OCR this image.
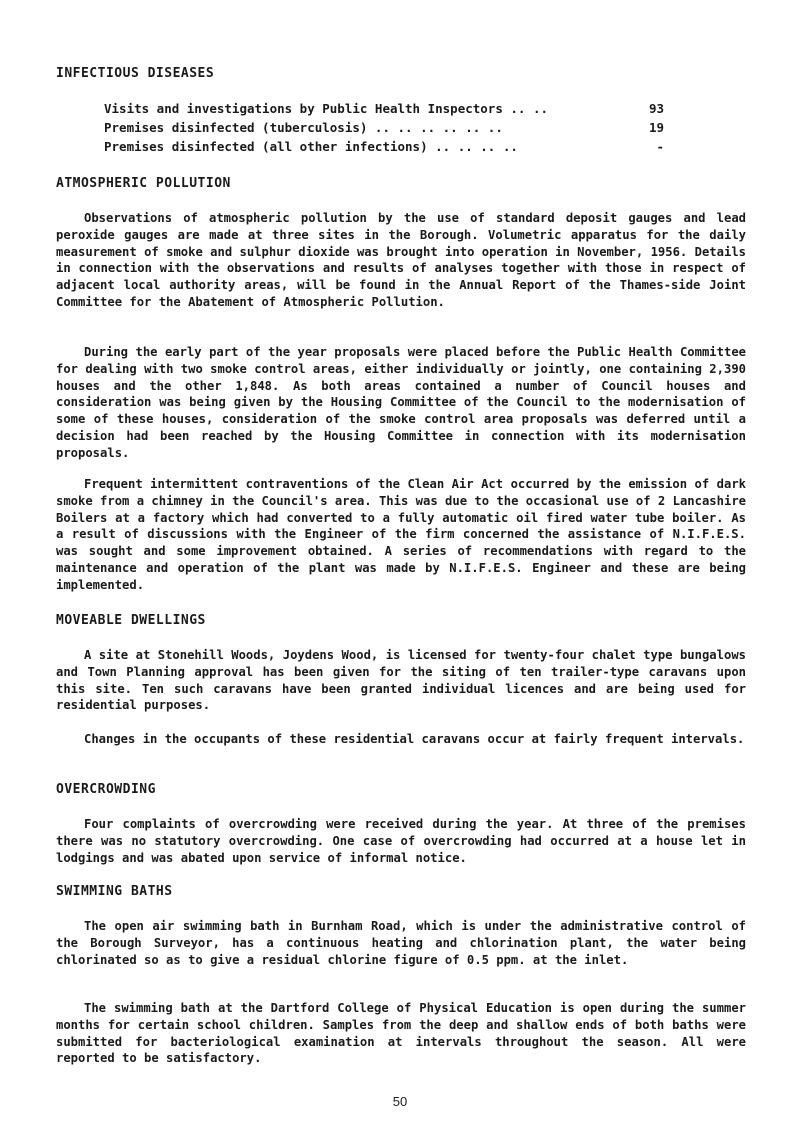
INFECTIOUS DISEASES
Visits and investigations by Public Health Inspectors .. ..	93
Premises disinfected (tuberculosis) .. .. .. .. .. ..	19
Premises disinfected (all other infections) .. .. .. ..	-
ATMOSPHERIC POLLUTION

Observations of atmospheric pollution by the use of standard deposit gauges and lead peroxide gauges are made at three sites in the Borough. Volumetric apparatus for the daily measurement of smoke and sulphur dioxide was brought into operation in November, 1956. Details in connection with the observations and results of analyses together with those in respect of adjacent local authority areas, will be found in the Annual Report of the Thames-side Joint Committee for the Abatement of Atmospheric Pollution.

During the early part of the year proposals were placed before the Public Health Committee for dealing with two smoke control areas, either individually or jointly, one containing 2,390 houses and the other 1,848. As both areas contained a number of Council houses and consideration was being given by the Housing Committee of the Council to the modernisation of some of these houses, consideration of the smoke control area proposals was deferred until a decision had been reached by the Housing Committee in connection with its modernisation proposals.

Frequent intermittent contraventions of the Clean Air Act occurred by the emission of dark smoke from a chimney in the Council's area. This was due to the occasional use of 2 Lancashire Boilers at a factory which had converted to a fully automatic oil fired water tube boiler. As a result of discussions with the Engineer of the firm concerned the assistance of N.I.F.E.S. was sought and some improvement obtained. A series of recommendations with regard to the maintenance and operation of the plant was made by N.I.F.E.S. Engineer and these are being implemented.

MOVEABLE DWELLINGS

A site at Stonehill Woods, Joydens Wood, is licensed for twenty-four chalet type bungalows and Town Planning approval has been given for the siting of ten trailer-type caravans upon this site. Ten such caravans have been granted individual licences and are being used for residential purposes.

Changes in the occupants of these residential caravans occur at fairly frequent intervals.

OVERCROWDING

Four complaints of overcrowding were received during the year. At three of the premises there was no statutory overcrowding. One case of overcrowding had occurred at a house let in lodgings and was abated upon service of informal notice.

SWIMMING BATHS

The open air swimming bath in Burnham Road, which is under the administrative control of the Borough Surveyor, has a continuous heating and chlorination plant, the water being chlorinated so as to give a residual chlorine figure of 0.5 ppm. at the inlet.

The swimming bath at the Dartford College of Physical Education is open during the summer months for certain school children. Samples from the deep and shallow ends of both baths were submitted for bacteriological examination at intervals throughout the season. All were reported to be satisfactory.

50
